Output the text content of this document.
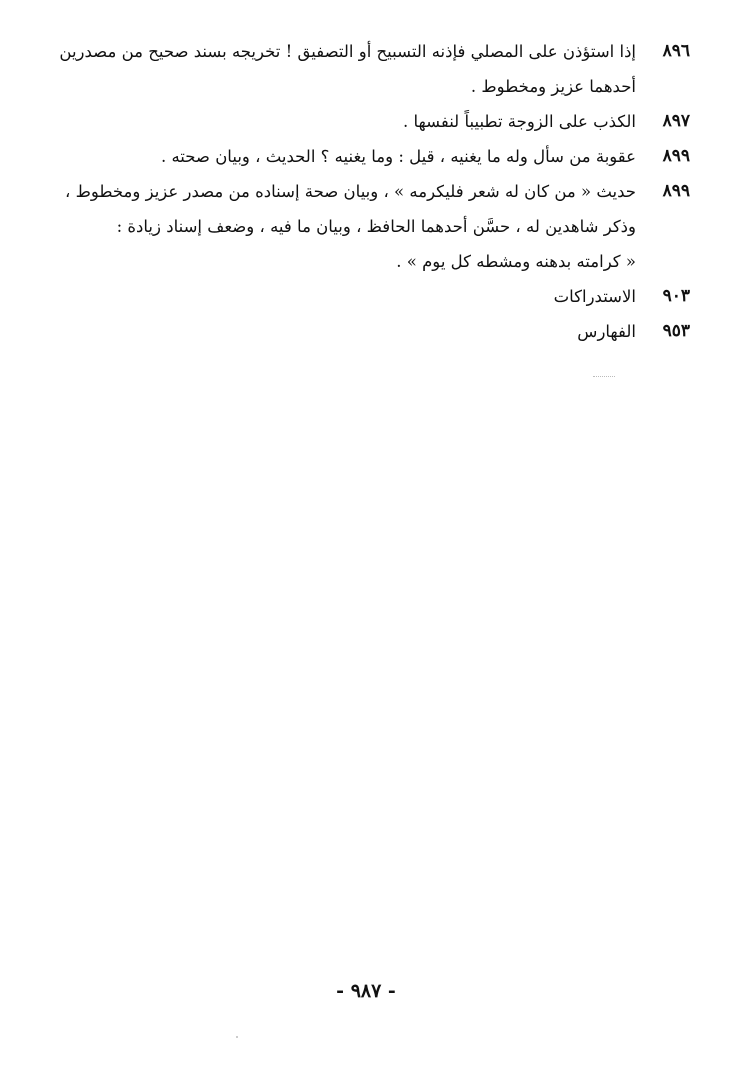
٨٩٦
إذا استؤذن على المصلي فإذنه التسبيح أو التصفيق ! تخريجه بسند صحيح من مصدرين
أحدهما عزيز ومخطوط .
٨٩٧
الكذب على الزوجة تطبيباً لنفسها .
٨٩٩
عقوبة من سأل وله ما يغنيه ، قيل : وما يغنيه ؟ الحديث ، وبيان صحته .
٨٩٩
حديث « من كان له شعر فليكرمه » ، وبيان صحة إسناده من مصدر عزيز ومخطوط ،
وذكر شاهدين له ، حسَّن أحدهما الحافظ ، وبيان ما فيه ، وضعف إسناد زيادة :
« كرامته بدهنه ومشطه كل يوم » .
٩٠٣
الاستدراكات
٩٥٣
الفهارس
- ٩٨٧ -
